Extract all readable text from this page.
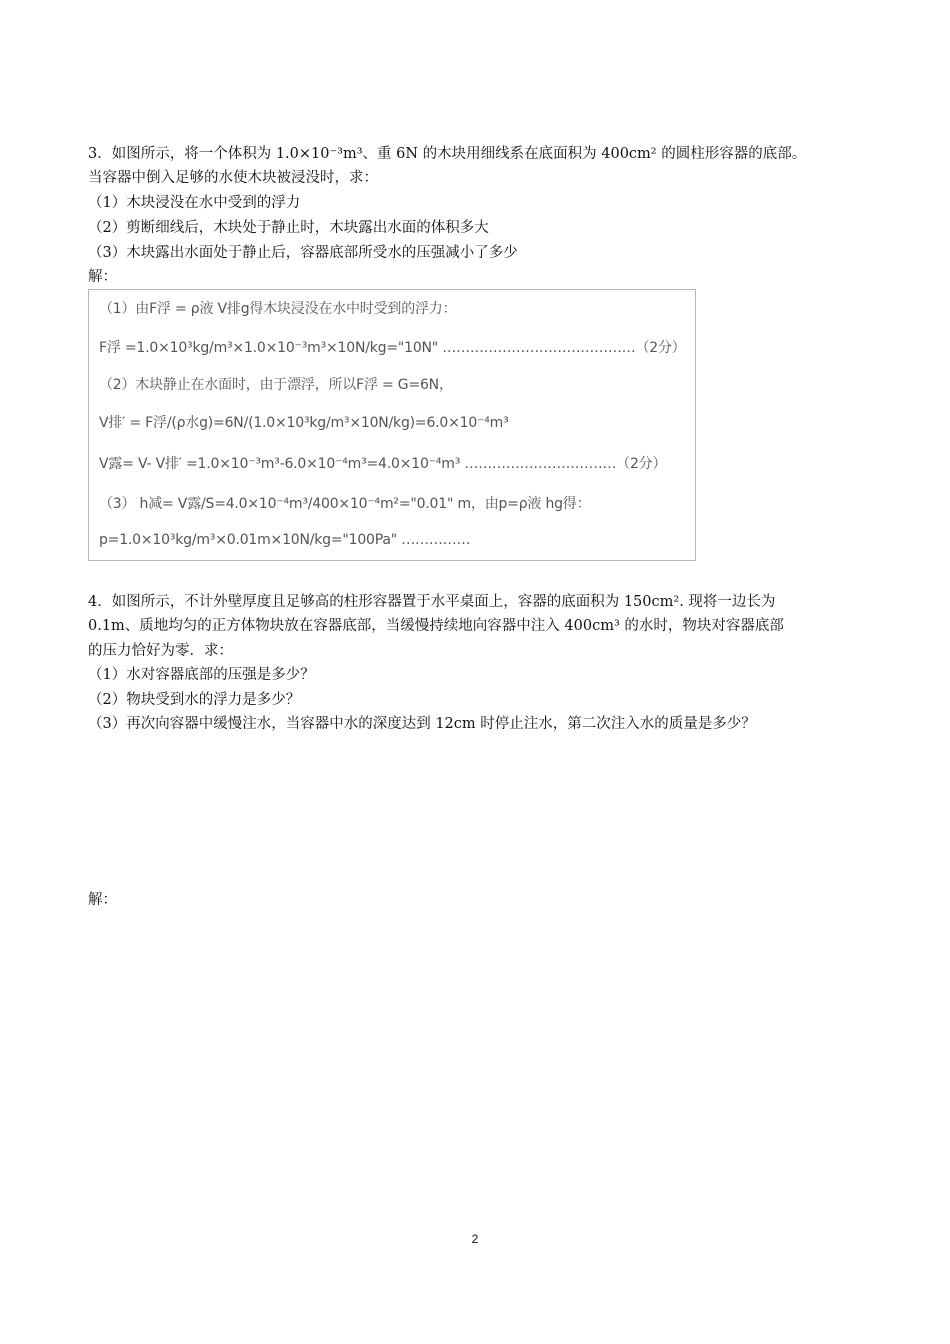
3．如图所示，将一个体积为 1.0×10⁻³m³、重 6N 的木块用细线系在底面积为 400cm² 的圆柱形容器的底部。
当容器中倒入足够的水使木块被浸没时，求：
（1）木块浸没在水中受到的浮力
（2）剪断细线后，木块处于静止时，木块露出水面的体积多大
（3）木块露出水面处于静止后，容器底部所受水的压强减小了多少
解：
（1）由F浮 = ρ液 V排g得木块浸没在水中时受到的浮力：
F浮 =1.0×10³kg/m³×1.0×10⁻³m³×10N/kg="10N" ……………………………………（2分）
（2）木块静止在水面时，由于漂浮，所以F浮 = G=6N，
V排′ = F浮/(ρ水g)=6N/(1.0×10³kg/m³×10N/kg)=6.0×10⁻⁴m³
V露= V- V排′ =1.0×10⁻³m³-6.0×10⁻⁴m³=4.0×10⁻⁴m³ ……………………………（2分）
（3） h减= V露/S=4.0×10⁻⁴m³/400×10⁻⁴m²="0.01" m，由p=ρ液 hg得：
p=1.0×10³kg/m³×0.01m×10N/kg="100Pa" ……………
4．如图所示，不计外壁厚度且足够高的柱形容器置于水平桌面上，容器的底面积为 150cm². 现将一边长为
0.1m、质地均匀的正方体物块放在容器底部，当缓慢持续地向容器中注入 400cm³ 的水时，物块对容器底部
的压力恰好为零．求：
（1）水对容器底部的压强是多少？
（2）物块受到水的浮力是多少？
（3）再次向容器中缓慢注水，当容器中水的深度达到 12cm 时停止注水，第二次注入水的质量是多少？
解：
2
